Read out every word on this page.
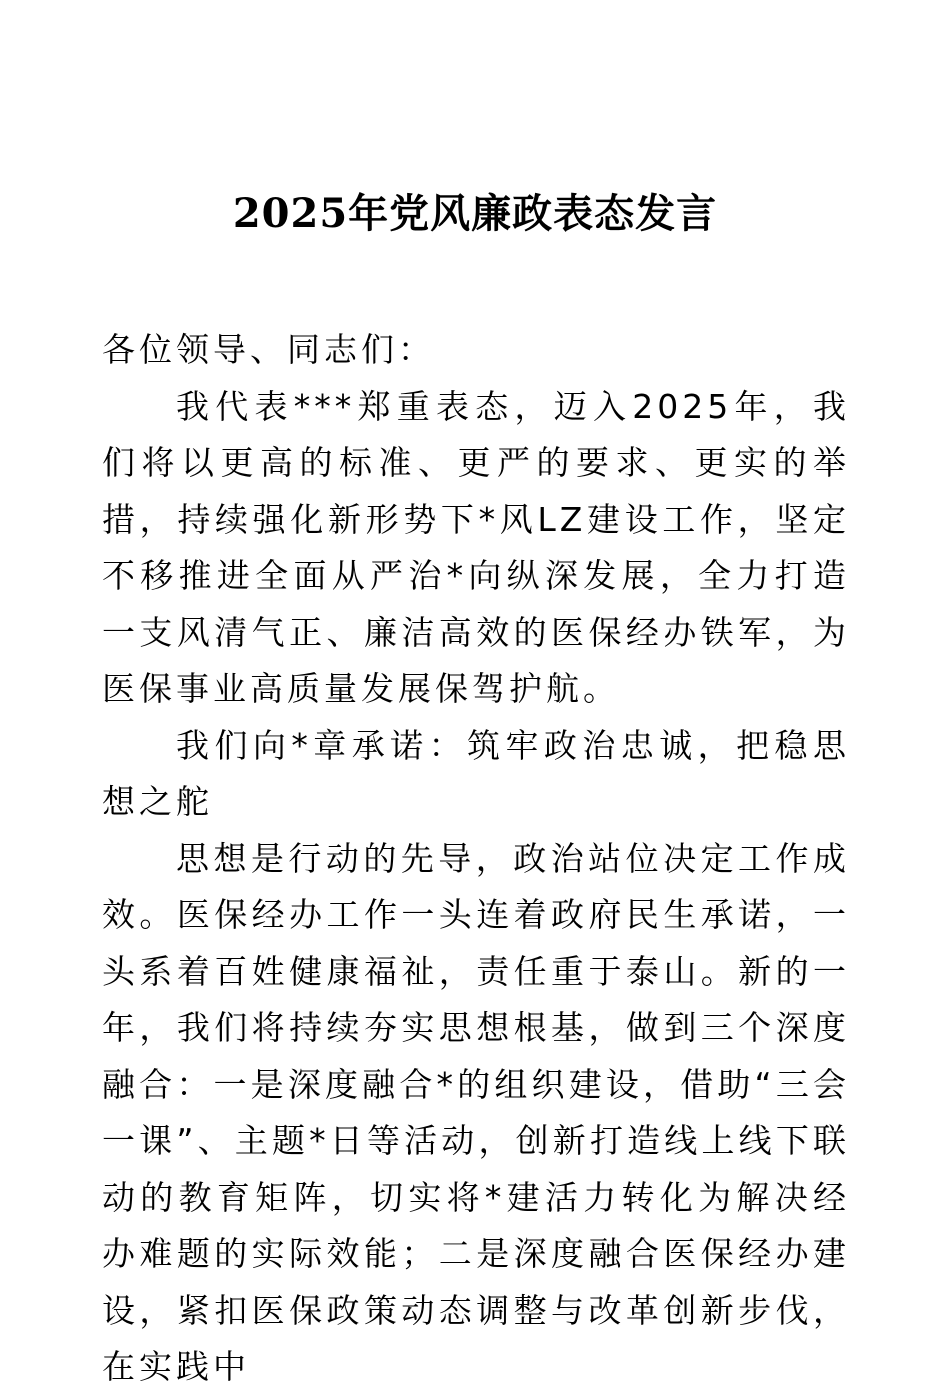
2025年党风廉政表态发言

各位领导、同志们：

我代表***郑重表态，迈入2025年，我们将以更高的标准、更严的要求、更实的举措，持续强化新形势下*风LZ建设工作，坚定不移推进全面从严治*向纵深发展，全力打造一支风清气正、廉洁高效的医保经办铁军，为医保事业高质量发展保驾护航。

我们向*章承诺：筑牢政治忠诚，把稳思想之舵

思想是行动的先导，政治站位决定工作成效。医保经办工作一头连着政府民生承诺，一头系着百姓健康福祉，责任重于泰山。新的一年，我们将持续夯实思想根基，做到三个深度融合：一是深度融合*的组织建设，借助“三会一课”、主题*日等活动，创新打造线上线下联动的教育矩阵，切实将*建活力转化为解决经办难题的实际效能；二是深度融合医保经办建设，紧扣医保政策动态调整与改革创新步伐，在实践中
